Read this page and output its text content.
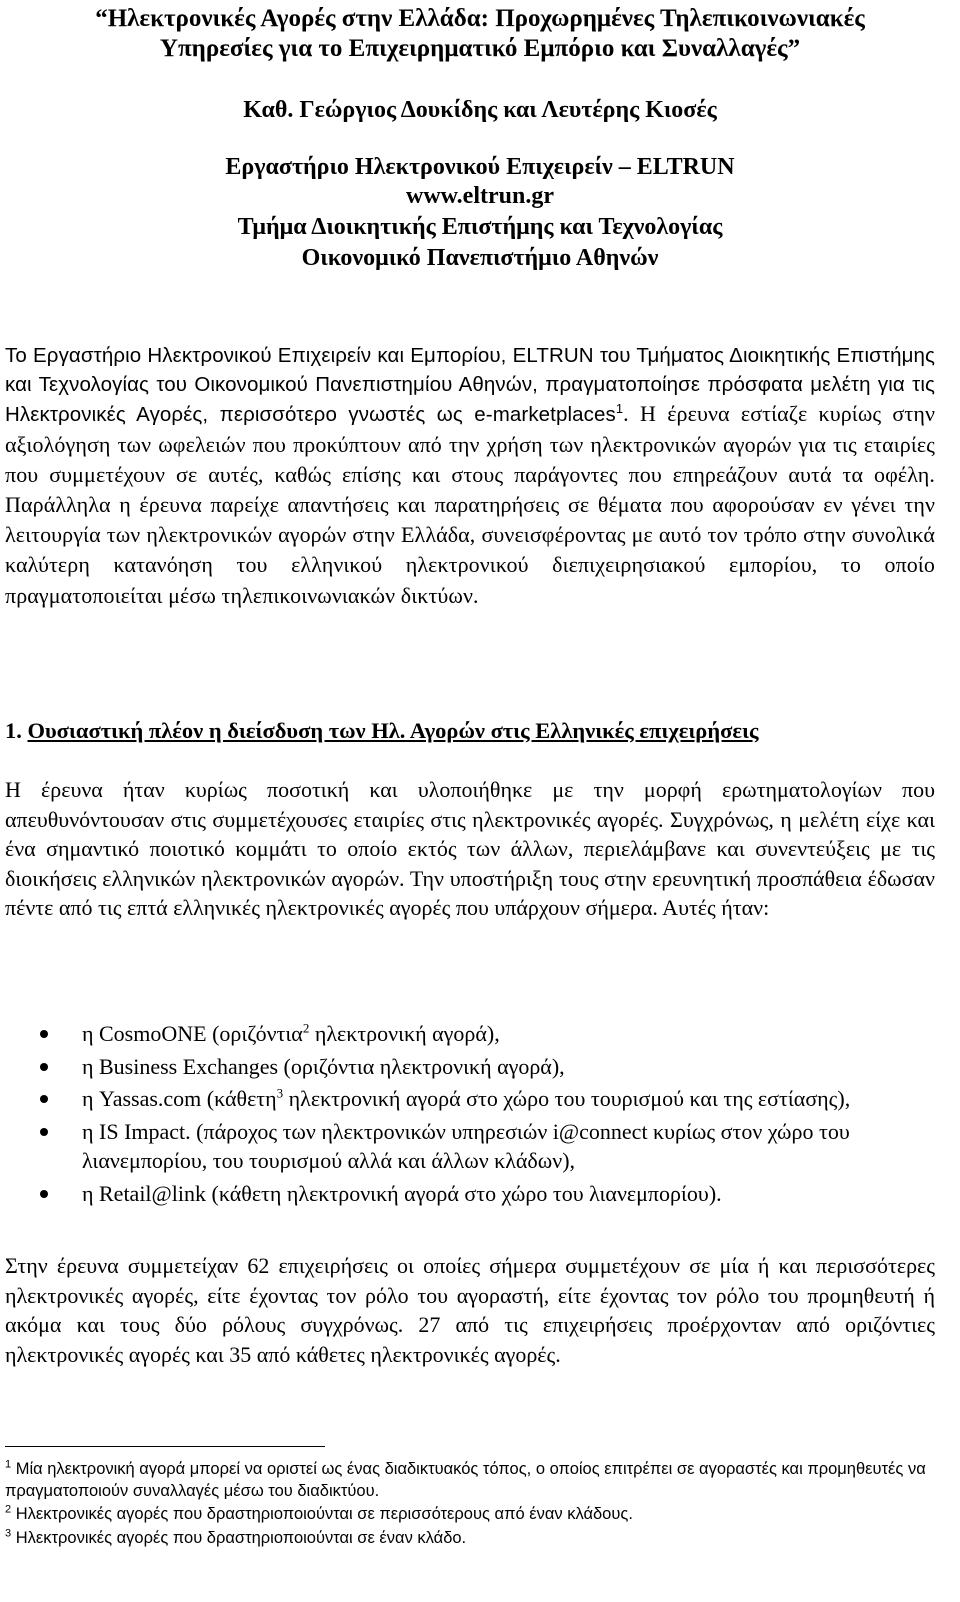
“Ηλεκτρονικές Αγορές στην Ελλάδα: Προχωρημένες Τηλεπικοινωνιακές
Υπηρεσίες για το Επιχειρηματικό Εμπόριο και Συναλλαγές”
Καθ. Γεώργιος Δουκίδης και Λευτέρης Κιοσές
Εργαστήριο Ηλεκτρονικού Επιχειρείν – ELTRUN
www.eltrun.gr
Τμήμα Διοικητικής Επιστήμης και Τεχνολογίας
Οικονομικό Πανεπιστήμιο Αθηνών

Το Εργαστήριο Ηλεκτρονικού Επιχειρείν και Εμπορίου, ELTRUN του Τμήματος Διοικητικής Επιστήμης και Τεχνολογίας του Οικονομικού Πανεπιστημίου Αθηνών, πραγματοποίησε πρόσφατα μελέτη για τις Ηλεκτρονικές Αγορές, περισσότερο γνωστές ως e-marketplaces$^1$. Η έρευνα εστίαζε κυρίως στην αξιολόγηση των ωφελειών που προκύπτουν από την χρήση των ηλεκτρονικών αγορών για τις εταιρίες που συμμετέχουν σε αυτές, καθώς επίσης και στους παράγοντες που επηρεάζουν αυτά τα οφέλη. Παράλληλα η έρευνα παρείχε απαντήσεις και παρατηρήσεις σε θέματα που αφορούσαν εν γένει την λειτουργία των ηλεκτρονικών αγορών στην Ελλάδα, συνεισφέροντας με αυτό τον τρόπο στην συνολικά καλύτερη κατανόηση του ελληνικού ηλεκτρονικού διεπιχειρησιακού εμπορίου, το οποίο πραγματοποιείται μέσω τηλεπικοινωνιακών δικτύων.

1. Ουσιαστική πλέον η διείσδυση των Ηλ. Αγορών στις Ελληνικές επιχειρήσεις

Η έρευνα ήταν κυρίως ποσοτική και υλοποιήθηκε με την μορφή ερωτηματολογίων που απευθυνόντουσαν στις συμμετέχουσες εταιρίες στις ηλεκτρονικές αγορές. Συγχρόνως, η μελέτη είχε και ένα σημαντικό ποιοτικό κομμάτι το οποίο εκτός των άλλων, περιελάμβανε και συνεντεύξεις με τις διοικήσεις ελληνικών ηλεκτρονικών αγορών. Την υποστήριξη τους στην ερευνητική προσπάθεια έδωσαν πέντε από τις επτά ελληνικές ηλεκτρονικές αγορές που υπάρχουν σήμερα. Αυτές ήταν:

η CosmoONE (οριζόντια$^2$ ηλεκτρονική αγορά),
η Business Exchanges (οριζόντια ηλεκτρονική αγορά),
η Yassas.com (κάθετη$^3$ ηλεκτρονική αγορά στο χώρο του τουρισμού και της εστίασης),
η IS Impact. (πάροχος των ηλεκτρονικών υπηρεσιών i@connect κυρίως στον χώρο του λιανεμπορίου, του τουρισμού αλλά και άλλων κλάδων),
η Retail@link (κάθετη ηλεκτρονική αγορά στο χώρο του λιανεμπορίου).

Στην έρευνα συμμετείχαν 62 επιχειρήσεις οι οποίες σήμερα συμμετέχουν σε μία ή και περισσότερες ηλεκτρονικές αγορές, είτε έχοντας τον ρόλο του αγοραστή, είτε έχοντας τον ρόλο του προμηθευτή ή ακόμα και τους δύο ρόλους συγχρόνως. 27 από τις επιχειρήσεις προέρχονταν από οριζόντιες ηλεκτρονικές αγορές και 35 από κάθετες ηλεκτρονικές αγορές.

$^1$ Μία ηλεκτρονική αγορά μπορεί να οριστεί ως ένας διαδικτυακός τόπος, ο οποίος επιτρέπει σε αγοραστές και προμηθευτές να πραγματοποιούν συναλλαγές μέσω του διαδικτύου.
$^2$ Ηλεκτρονικές αγορές που δραστηριοποιούνται σε περισσότερους από έναν κλάδους.
$^3$ Ηλεκτρονικές αγορές που δραστηριοποιούνται σε έναν κλάδο.
